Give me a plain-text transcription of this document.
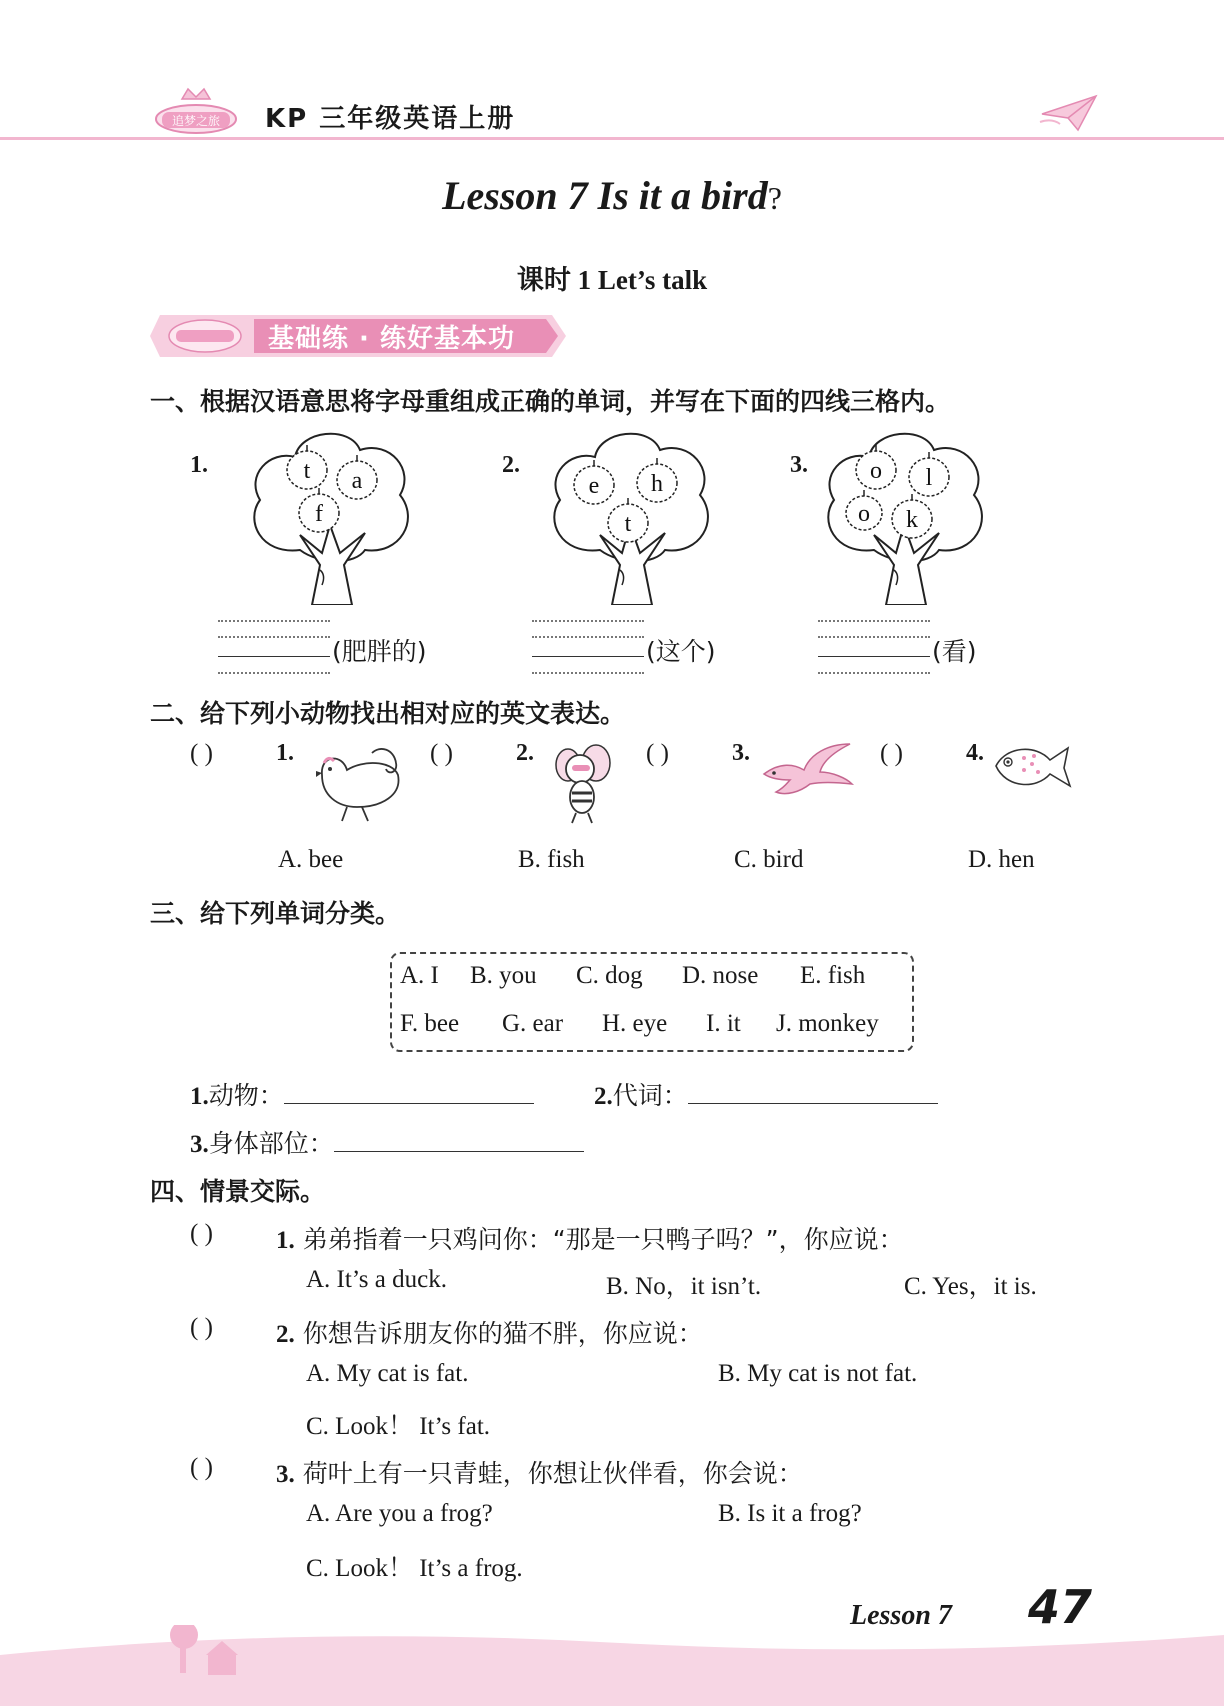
追梦之旅 KP 三年级英语上册
Lesson 7 Is it a bird?
课时 1 Let’s talk
基础练 · 练好基本功
一、根据汉语意思将字母重组成正确的单词，并写在下面的四线三格内。
1.	t a
f
(肥胖的)
2.
e h
t
(这个)
3.	o l
o k
(看)
二、给下列小动物找出相对应的英文表达。
( )	1.	( )	2.	( )	3.	( )	4.
A. bee	B. fish	C. bird	D. hen
三、给下列单词分类。
A. I B. you C. dog D. nose E. fish
F. bee G. ear H. eye I. it J. monkey
1.动物：	2.代词：
3.身体部位：
四、情景交际。
( )	1. 弟弟指着一只鸡问你：“那是一只鸭子吗？”，你应说：
A. It’s a duck.	B. No，it isn’t.	C. Yes，it is.
( )	2. 你想告诉朋友你的猫不胖，你应说：
A. My cat is fat.	B. My cat is not fat.
C. Look！ It’s fat.
( )	3. 荷叶上有一只青蛙，你想让伙伴看，你会说：
A. Are you a frog?	B. Is it a frog?
C. Look！ It’s a frog.
Lesson 7 47
